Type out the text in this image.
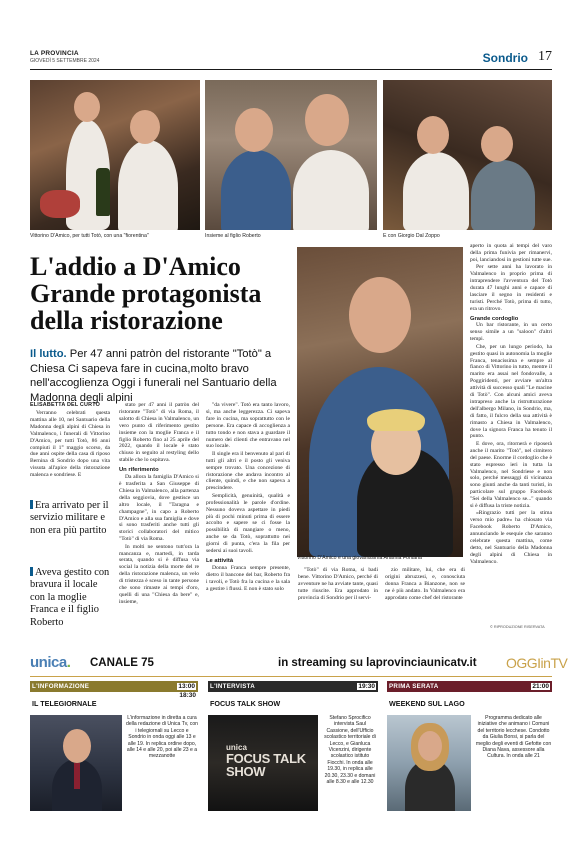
LA PROVINCIA
GIOVEDÌ 5 SETTEMBRE 2024	Sondrio 17
Vittorino D'Amico, per tutti Totò, con una "fiorentina"	Insieme al figlio Roberto	E con Giorgio Dal Zoppo
L'addio a D'Amico
Grande protagonista
della ristorazione
Il lutto. Per 47 anni patròn del ristorante "Totò" a Chiesa Ci sapeva fare in cucina,molto bravo nell'accoglienza Oggi i funerali nel Santuario della Madonna degli alpini
ELISABETTA DEL CURTO

Verranno celebrati questa mattina alle 10, nel Santuario della Madonna degli alpini di Chiesa in Valmalenco, i funerali di Vittorino D'Amico, per tutti Totò, 86 anni compiuti il 1° maggio scorso, da due anni ospite della casa di riposo Bernina di Sondrio dopo una vita vissuta all'apice della ristorazione malenca e sondriese. E

Era arrivato per il servizio militare e non era più partito
Aveva gestito con bravura il locale con la moglie Franca e il figlio Roberto

stato per 47 anni il patròn del ristorante "Totò" di via Roma, il salotto di Chiesa in Valmalenco, un vero punto di riferimento gestito insieme con la moglie Franca e il figlio Roberto fino al 25 aprile del 2022, quando il locale è stato chiuso in seguito al restyling dello stabile che lo ospitava.

Un riferimento

Da allora la famiglia D'Amico si è trasferita a San Giuseppe di Chiesa in Valmalenco, alla partenza della seggiovia, dove gestisce un altro locale, il "Taragna e champagne", in capo a Roberto D'Amico e alla sua famiglia e dove si sono trasferiti anche tutti gli storici collaboratori del mitico "Totò" di via Roma.

In molti ne sentono tutt'ora la mancanza e, martedì, in tarda serata, quando si è diffusa via social la notizia della morte del re della ristorazione malenca, un velo di tristezza è sceso in tante persone che sono rimaste ai tempi d'oro, quelli di una "Chiesa da bere" e, insieme,

"da vivere". Totò era tanto lavoro, sì, ma anche leggerezza. Ci sapeva fare in cucina, ma soprattutto con le persone. Era capace di accoglienza a tutto tondo e non stava a guardare il numero dei clienti che entravano nel suo locale.

Il single era il benvenuto al pari di tutti gli altri e il posto gli veniva sempre trovato. Una concezione di ristorazione che andava incontro al cliente, quindi, e che non sapeva a prescindere.

Semplicità, genuinità, qualità e professionalità le parole d'ordine. Nessuno doveva aspettare in piedi più di pochi minuti prima di essere accolto e sapere se ci fosse la possibilità di mangiare o meno, anche se da Totò, soprattutto nei giorni di punta, c'era la fila per sedersi ai suoi tavoli.

Le attività

Donna Franca sempre presente, dietro il bancone del bar, Roberto fra i tavoli, e Totò fra la cucina e la sala a gestire i flussi. E non è stato solo

Vittorino D'Amico e una giovanissima Arianna Fontana

"Totò" di via Roma, si badi bene. Vittorino D'Amico, perché di avventure ne ha avviate tante, quasi tutte riuscite. Era approdato in provincia di Sondrio per il servi-

zio militare, lui, che era di origini abruzzesi, e, conosciuta donna Franca a Bianzone, non se ne è più andato. In Valmalenco era approdato come chef del ristorante

aperto in quota ai tempi del varo della prima funivia per rimanervi, poi, lanciandosi in gestioni tutte sue.

Per sette anni ha lavorato in Valmalenco in proprio prima di intraprendere l'avventura del Totò durata 47 lunghi anni e capace di lasciare il segno in residenti e turisti. Perché Totò, prima di tutto, era un ritrovo.

Grande cordoglio

Un bar ristorante, in un certo senso simile a un "saloon" d'altri tempi.

Che, per un lungo periodo, ha gestito quasi in autonomia la moglie Franca, tenacissima e sempre al fianco di Vittorino in tutto, mentre il marito era assai nel fondovalle, a Poggiridenti, per avviare un'altra attività di successo quali "Le macine di Totò". Con alcuni amici aveva intrapreso anche la ristrutturazione dell'albergo Milano, in Sondrio, ma, di fatto, il fulcro della sua attività è rimasto a Chiesa in Valmalenco, dove la signora Franca ha tenuto il punto.

E dove, ora, ritornerà e riposerà anche il marito "Totò", nel cimitero del paese. Enorme il cordoglio che è stato espresso ieri in tutta la Valmalenco, nel Sondriese e non solo, perché messaggi di vicinanza sono giunti anche da tanti turisti, in particolare sul gruppo Facebook "Sei della Valmalenco se..." quando si è diffusa la triste notizia.

«Ringrazio tutti per la stima verso mio padre» ha chiosato via Facebook Roberto D'Amico, annunciando le esequie che saranno celebrate questa mattina, come detto, nel Santuario della Madonna degli alpini di Chiesa in Valmalenco.

© RIPRODUZIONE RISERVATA
unica. CANALE 75	in streaming su laprovinciaunicatv.it OGGIinTV
L'INFORMAZIONE	13:00
18:30
IL TELEGIORNALE
L'informazione in diretta a cura della redazione di Unica Tv, con i telegiornali su Lecco e Sondrio in onda oggi alle 13 e alle 19. In replica ordine dopo, alle 14 e alle 20, poi alle 23 e a mezzanotte
L'INTERVISTA	19:30
FOCUS TALK SHOW
unica
FOCUS TALK SHOW
Stefano Sprocifico intervista Saul Cassione, dell'Ufficio scolastico territoriale di Lecco, e Gianluca Vicenzini, dirigente scolastico istituto Fiocchi. In onda alle 19.30, in replica alle 20.30, 23.30 e domani alle 8.30 e alle 12.30
PRIMA SERATA	21:00
WEEKEND SUL LAGO
Programma dedicato alle iniziative che animano i Comuni del territorio lecchese. Condotto da Giulia Bonsi, si parla del meglio degli eventi di Gefotte con Diana Nava, assessore alla Cultura. In onda alle 21
